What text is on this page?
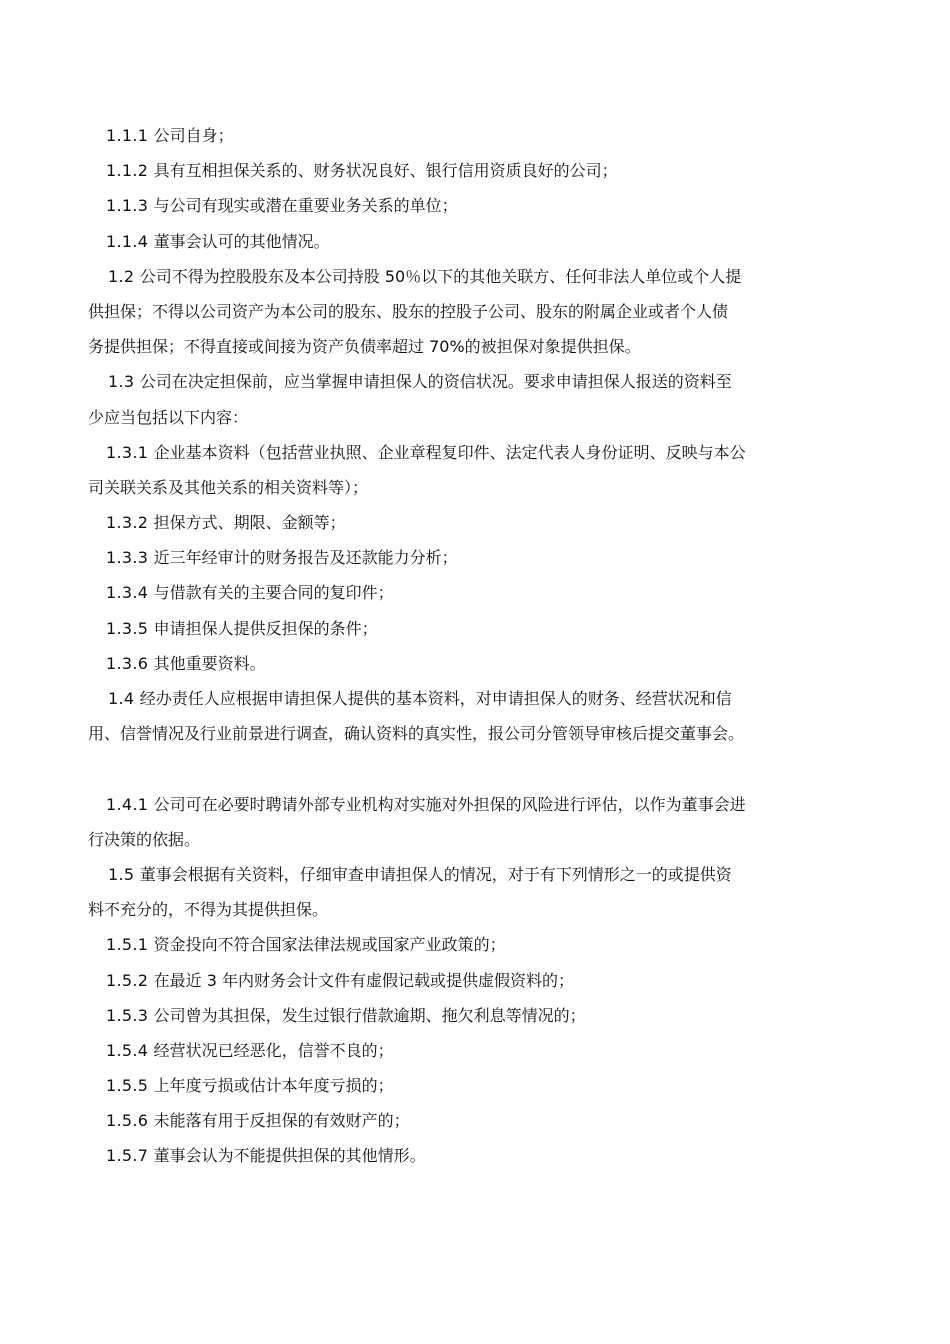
1.1.1 公司自身；
1.1.2 具有互相担保关系的、财务状况良好、银行信用资质良好的公司；
1.1.3 与公司有现实或潜在重要业务关系的单位；
1.1.4 董事会认可的其他情况。
1.2 公司不得为控股股东及本公司持股 50％以下的其他关联方、任何非法人单位或个人提
供担保；不得以公司资产为本公司的股东、股东的控股子公司、股东的附属企业或者个人债
务提供担保；不得直接或间接为资产负债率超过 70%的被担保对象提供担保。
1.3 公司在决定担保前，应当掌握申请担保人的资信状况。要求申请担保人报送的资料至
少应当包括以下内容：
1.3.1 企业基本资料（包括营业执照、企业章程复印件、法定代表人身份证明、反映与本公
司关联关系及其他关系的相关资料等）；
1.3.2 担保方式、期限、金额等；
1.3.3 近三年经审计的财务报告及还款能力分析；
1.3.4 与借款有关的主要合同的复印件；
1.3.5 申请担保人提供反担保的条件；
1.3.6 其他重要资料。
1.4 经办责任人应根据申请担保人提供的基本资料，对申请担保人的财务、经营状况和信
用、信誉情况及行业前景进行调查，确认资料的真实性，报公司分管领导审核后提交董事会。
1.4.1 公司可在必要时聘请外部专业机构对实施对外担保的风险进行评估，以作为董事会进
行决策的依据。
1.5 董事会根据有关资料，仔细审查申请担保人的情况，对于有下列情形之一的或提供资
料不充分的，不得为其提供担保。
1.5.1 资金投向不符合国家法律法规或国家产业政策的；
1.5.2 在最近 3 年内财务会计文件有虚假记载或提供虚假资料的；
1.5.3 公司曾为其担保，发生过银行借款逾期、拖欠利息等情况的；
1.5.4 经营状况已经恶化，信誉不良的；
1.5.5 上年度亏损或估计本年度亏损的；
1.5.6 未能落有用于反担保的有效财产的；
1.5.7 董事会认为不能提供担保的其他情形。
